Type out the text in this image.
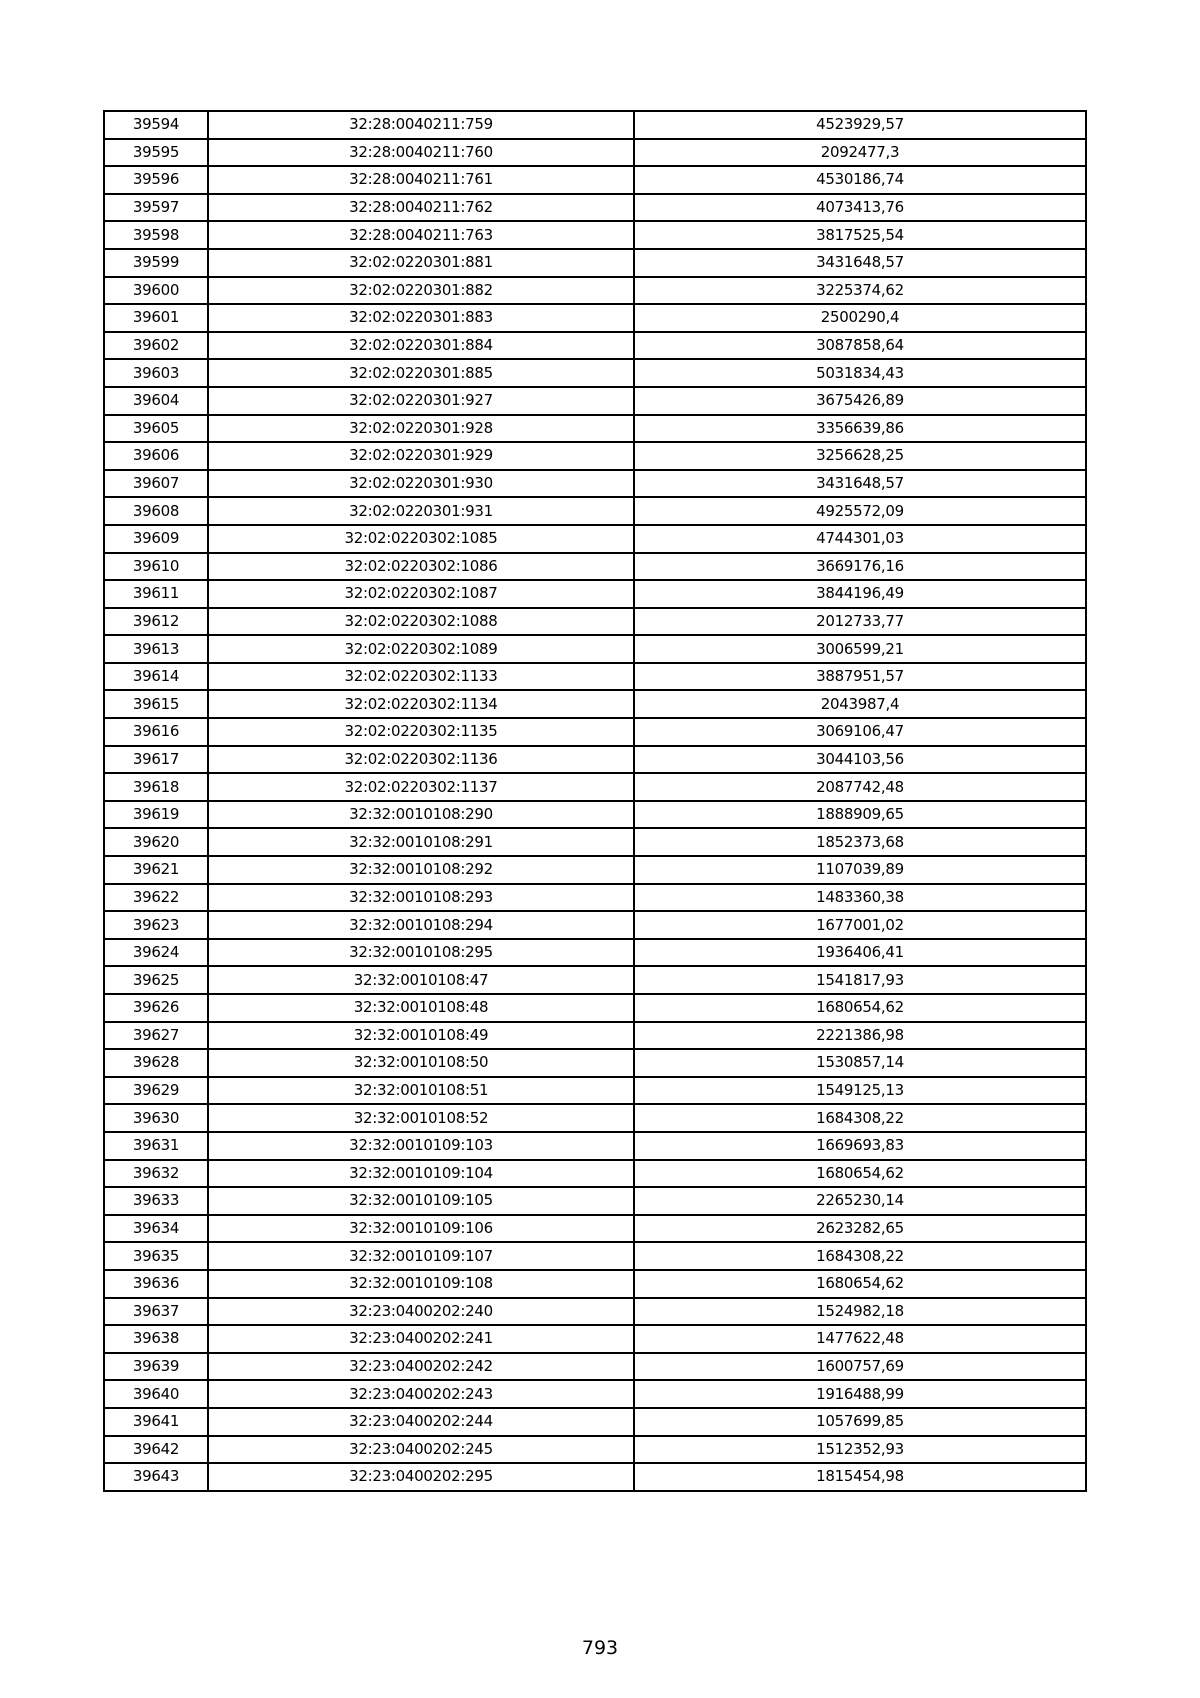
39594	32:28:0040211:759	4523929,57
39595	32:28:0040211:760	2092477,3
39596	32:28:0040211:761	4530186,74
39597	32:28:0040211:762	4073413,76
39598	32:28:0040211:763	3817525,54
39599	32:02:0220301:881	3431648,57
39600	32:02:0220301:882	3225374,62
39601	32:02:0220301:883	2500290,4
39602	32:02:0220301:884	3087858,64
39603	32:02:0220301:885	5031834,43
39604	32:02:0220301:927	3675426,89
39605	32:02:0220301:928	3356639,86
39606	32:02:0220301:929	3256628,25
39607	32:02:0220301:930	3431648,57
39608	32:02:0220301:931	4925572,09
39609	32:02:0220302:1085	4744301,03
39610	32:02:0220302:1086	3669176,16
39611	32:02:0220302:1087	3844196,49
39612	32:02:0220302:1088	2012733,77
39613	32:02:0220302:1089	3006599,21
39614	32:02:0220302:1133	3887951,57
39615	32:02:0220302:1134	2043987,4
39616	32:02:0220302:1135	3069106,47
39617	32:02:0220302:1136	3044103,56
39618	32:02:0220302:1137	2087742,48
39619	32:32:0010108:290	1888909,65
39620	32:32:0010108:291	1852373,68
39621	32:32:0010108:292	1107039,89
39622	32:32:0010108:293	1483360,38
39623	32:32:0010108:294	1677001,02
39624	32:32:0010108:295	1936406,41
39625	32:32:0010108:47	1541817,93
39626	32:32:0010108:48	1680654,62
39627	32:32:0010108:49	2221386,98
39628	32:32:0010108:50	1530857,14
39629	32:32:0010108:51	1549125,13
39630	32:32:0010108:52	1684308,22
39631	32:32:0010109:103	1669693,83
39632	32:32:0010109:104	1680654,62
39633	32:32:0010109:105	2265230,14
39634	32:32:0010109:106	2623282,65
39635	32:32:0010109:107	1684308,22
39636	32:32:0010109:108	1680654,62
39637	32:23:0400202:240	1524982,18
39638	32:23:0400202:241	1477622,48
39639	32:23:0400202:242	1600757,69
39640	32:23:0400202:243	1916488,99
39641	32:23:0400202:244	1057699,85
39642	32:23:0400202:245	1512352,93
39643	32:23:0400202:295	1815454,98
793
